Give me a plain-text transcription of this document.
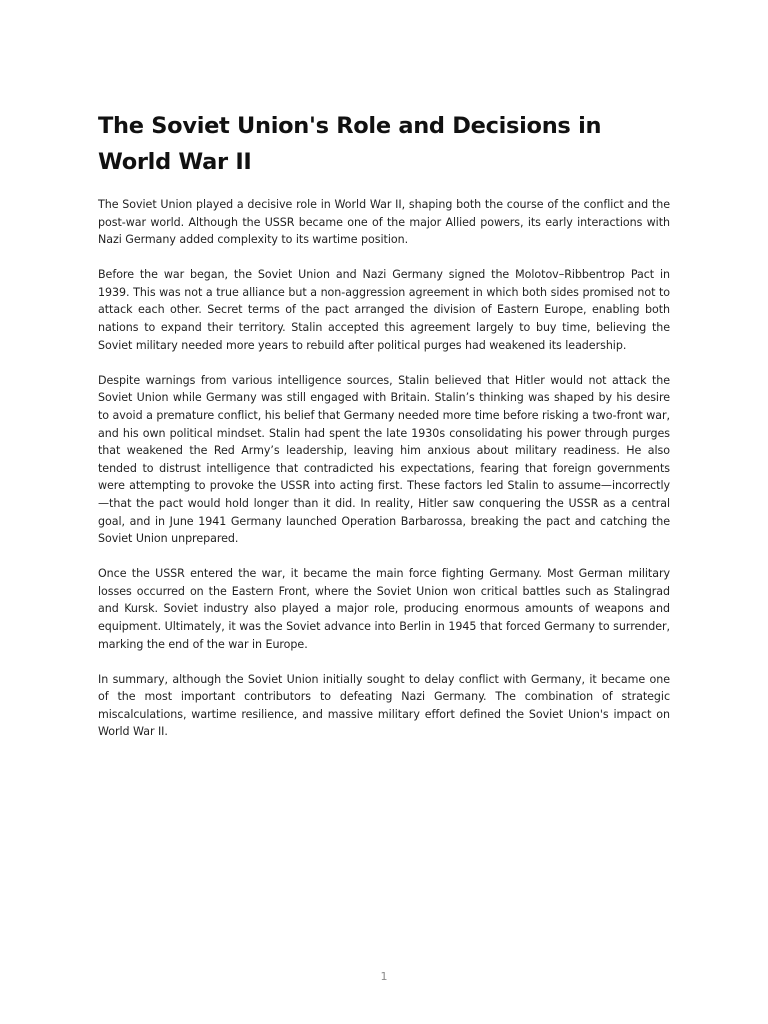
The Soviet Union's Role and Decisions in World War II

The Soviet Union played a decisive role in World War II, shaping both the course of the conflict and the post-war world. Although the USSR became one of the major Allied powers, its early interactions with Nazi Germany added complexity to its wartime position.

Before the war began, the Soviet Union and Nazi Germany signed the Molotov–Ribbentrop Pact in 1939. This was not a true alliance but a non-aggression agreement in which both sides promised not to attack each other. Secret terms of the pact arranged the division of Eastern Europe, enabling both nations to expand their territory. Stalin accepted this agreement largely to buy time, believing the Soviet military needed more years to rebuild after political purges had weakened its leadership.

Despite warnings from various intelligence sources, Stalin believed that Hitler would not attack the Soviet Union while Germany was still engaged with Britain. Stalin’s thinking was shaped by his desire to avoid a premature conflict, his belief that Germany needed more time before risking a two-front war, and his own political mindset. Stalin had spent the late 1930s consolidating his power through purges that weakened the Red Army’s leadership, leaving him anxious about military readiness. He also tended to distrust intelligence that contradicted his expectations, fearing that foreign governments were attempting to provoke the USSR into acting first. These factors led Stalin to assume—incorrectly—that the pact would hold longer than it did. In reality, Hitler saw conquering the USSR as a central goal, and in June 1941 Germany launched Operation Barbarossa, breaking the pact and catching the Soviet Union unprepared.

Once the USSR entered the war, it became the main force fighting Germany. Most German military losses occurred on the Eastern Front, where the Soviet Union won critical battles such as Stalingrad and Kursk. Soviet industry also played a major role, producing enormous amounts of weapons and equipment. Ultimately, it was the Soviet advance into Berlin in 1945 that forced Germany to surrender, marking the end of the war in Europe.

In summary, although the Soviet Union initially sought to delay conflict with Germany, it became one of the most important contributors to defeating Nazi Germany. The combination of strategic miscalculations, wartime resilience, and massive military effort defined the Soviet Union's impact on World War II.

1
